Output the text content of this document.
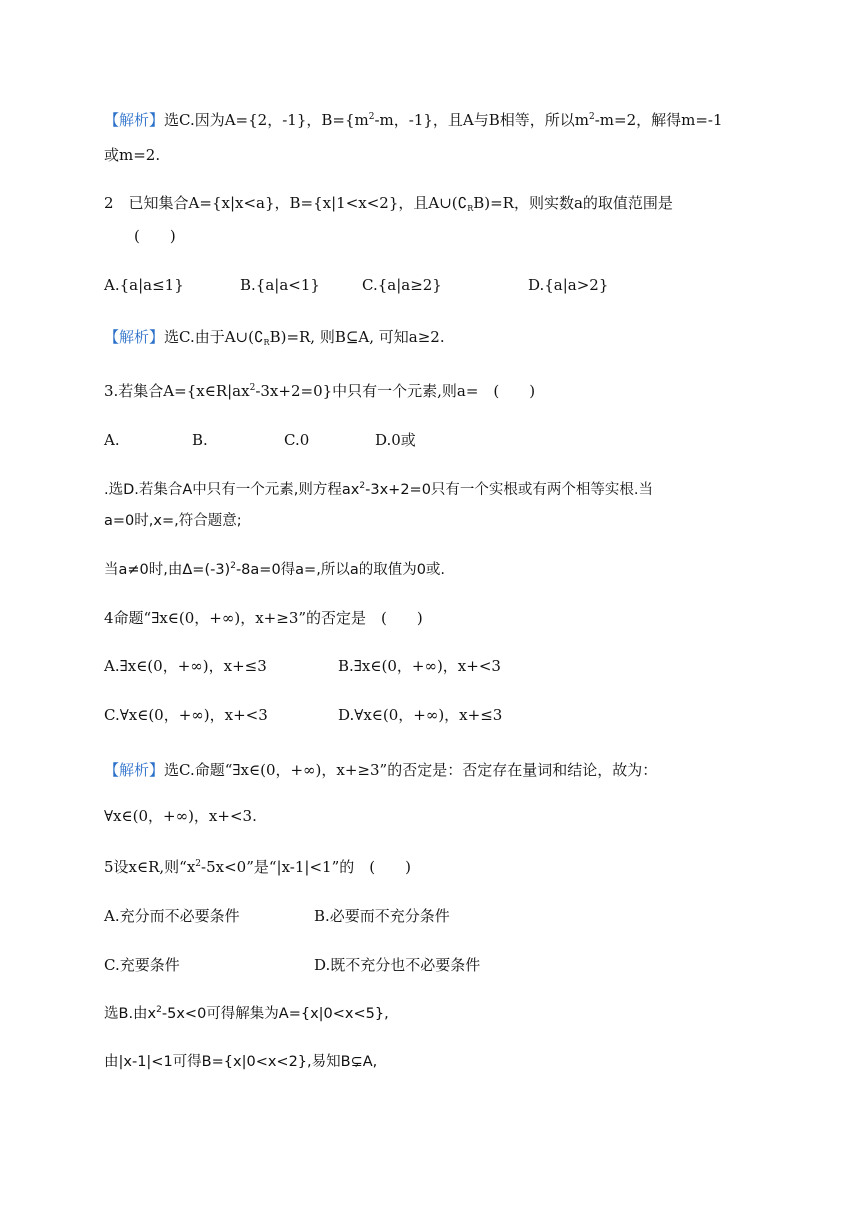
【解析】选C.因为A={2，-1}，$B=\{m^2-m$，-1}，且A与B相等，所以$m^2-m=2$，解得m=-1
或m=2.
2　已知集合A={x|x<a}，B={x|1<x<2}，且$A\cup(∁_RB)=R$，则实数a的取值范围是
(　　)
A.{a|a≤1}	B.{a|a<1}	C.{a|a≥2}	D.{a|a>2}
【解析】选C.由于$A\cup(∁_RB)=R$, 则B⊆A, 可知a≥2.
3.若集合$A=\{x\in R|ax^2-3x+2=0\}$中只有一个元素,则a=　(　　)
A.	B.	C.0	D.0或
.选D.若集合A中只有一个元素,则方程$ax^2-3x+2=0$只有一个实根或有两个相等实根.当
a=0时,x=,符合题意;
当a≠0时,由$\Delta=(-3)^2-8a=0$得a=,所以a的取值为0或.
4命题“∃x∈(0，+∞)，x+≥3”的否定是　(　　)
A.∃x∈(0，+∞)，x+≤3	B.∃x∈(0，+∞)，x+<3
C.∀x∈(0，+∞)，x+<3	D.∀x∈(0，+∞)，x+≤3
【解析】选C.命题“∃x∈(0，+∞)，x+≥3”的否定是：否定存在量词和结论，故为：
∀x∈(0，+∞)，x+<3.
5设x∈R,则“$x^2-5x<0$”是“|x-1|<1”的　(　　)
A.充分而不必要条件	B.必要而不充分条件
C.充要条件	D.既不充分也不必要条件
选B.由$x^2-5x<0$可得解集为A={x|0<x<5},
由|x-1|<1可得B={x|0<x<2},易知B⊊A,
